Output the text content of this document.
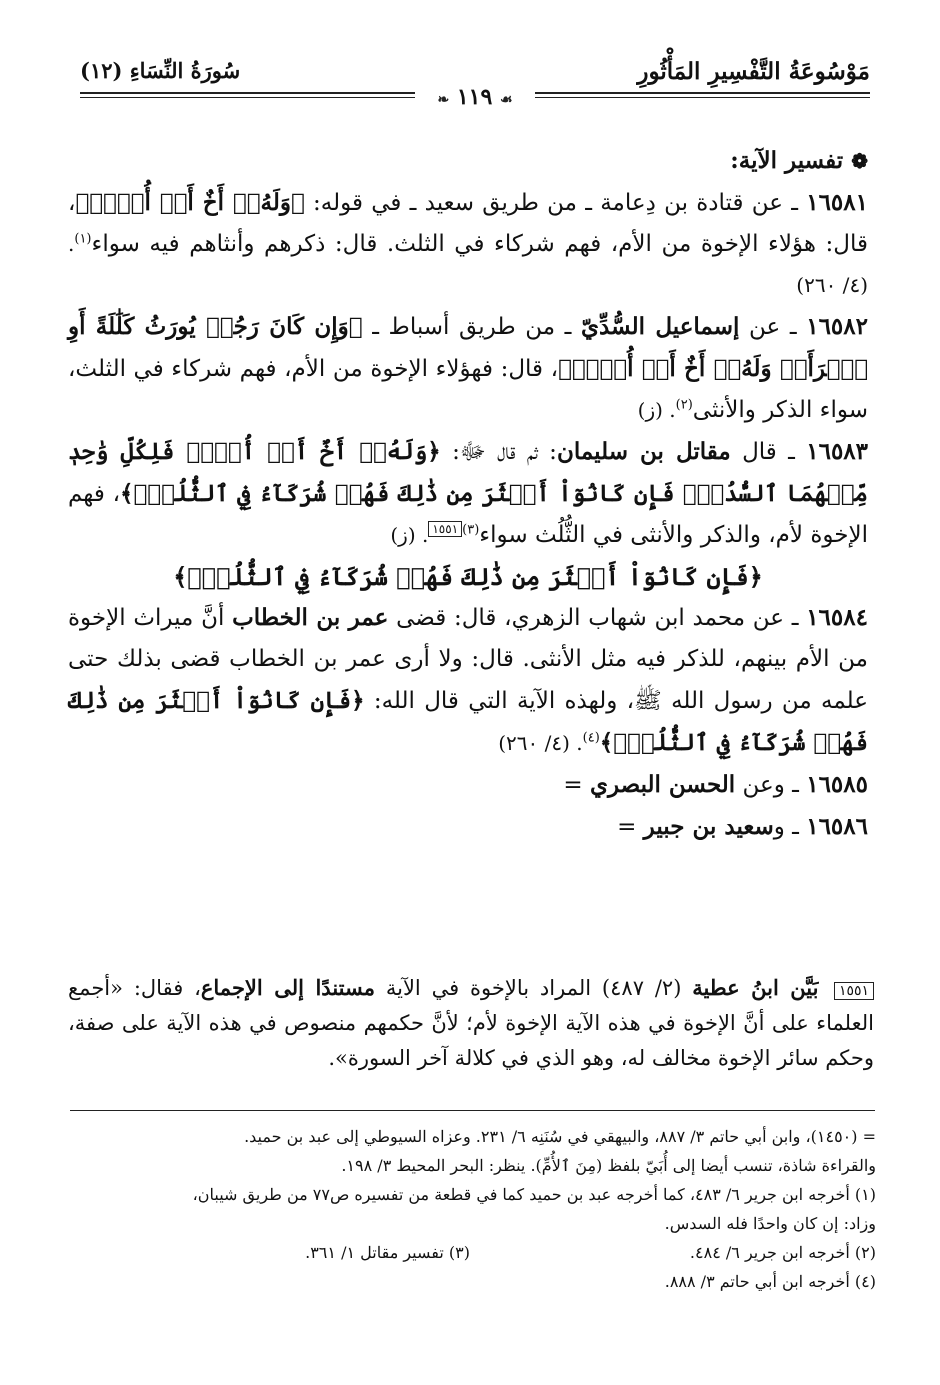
مَوْسُوعَةُ التَّفْسِيرِ المَأْثُورِ
سُورَةُ النِّسَاءِ (١٢)
❧ ١١٩ ☙

❁ تفسير الآية:

١٦٥٨١ ـ عن قتادة بن دِعامة ـ من طريق سعيد ـ في قوله: ﴿وَلَهُۥٓ أَخٌ أَوۡ أُخۡتٞ﴾، قال: هؤلاء الإخوة من الأم، فهم شركاء في الثلث. قال: ذكرهم وأنثاهم فيه سواء$^{(١)}$. (٤/ ٢٦٠)

١٦٥٨٢ ـ عن إسماعيل السُّدِّيّ ـ من طريق أسباط ـ ﴿وَإِن كَانَ رَجُلٞ يُورَثُ كَلَٰلَةً أَوِ ٱمۡرَأَةٞ وَلَهُۥٓ أَخٌ أَوۡ أُخۡتٞ﴾، قال: فهؤلاء الإخوة من الأم، فهم شركاء في الثلث، سواء الذكر والأنثى$^{(٢)}$. (ز)

١٦٥٨٣ ـ قال مقاتل بن سليمان: ثم قال ﷻ: ﴿وَلَهُۥٓ أَخٌ أَوۡ أُخۡتٞ فَلِكُلِّ وَٰحِدٖ مِّنۡهُمَا ٱلسُّدُسُۚ فَإِن كَانُوٓاْ أَكۡثَرَ مِن ذَٰلِكَ فَهُمۡ شُرَكَآءُ فِي ٱلثُّلُثِۚ﴾، فهم الإخوة لأم، والذكر والأنثى في الثُّلُث سواء$^{(٣)}$١٥٥١. (ز)

﴿فَإِن كَانُوٓاْ أَكۡثَرَ مِن ذَٰلِكَ فَهُمۡ شُرَكَآءُ فِي ٱلثُّلُثِۚ﴾

١٦٥٨٤ ـ عن محمد ابن شهاب الزهري، قال: قضى عمر بن الخطاب أنَّ ميراث الإخوة من الأم بينهم، للذكر فيه مثل الأنثى. قال: ولا أرى عمر بن الخطاب قضى بذلك حتى علمه من رسول الله ﷺ، ولهذه الآية التي قال الله: ﴿فَإِن كَانُوٓاْ أَكۡثَرَ مِن ذَٰلِكَ فَهُمۡ شُرَكَآءُ فِي ٱلثُّلُثِۚ﴾$^{(٤)}$. (٤/ ٢٦٠)

١٦٥٨٥ ـ وعن الحسن البصري =

١٦٥٨٦ ـ وسعيد بن جبير =

١٥٥١ بَيَّن ابنُ عطية (٢/ ٤٨٧) المراد بالإخوة في الآية مستندًا إلى الإجماع، فقال: «أجمع العلماء على أنَّ الإخوة في هذه الآية الإخوة لأم؛ لأنَّ حكمهم منصوص في هذه الآية على صفة، وحكم سائر الإخوة مخالف له، وهو الذي في كلالة آخر السورة».

= (١٤٥٠)، وابن أبي حاتم ٣/ ٨٨٧، والبيهقي في سُنَنِه ٦/ ٢٣١. وعزاه السيوطي إلى عبد بن حميد.

والقراءة شاذة، تنسب أيضا إلى أُبَيّ بلفظ (مِنَ ٱلأُمِّ). ينظر: البحر المحيط ٣/ ١٩٨.

(١) أخرجه ابن جرير ٦/ ٤٨٣، كما أخرجه عبد بن حميد كما في قطعة من تفسيره ص٧٧ من طريق شيبان،

وزاد: إن كان واحدًا فله السدس.

(٢) أخرجه ابن جرير ٦/ ٤٨٤.
(٣) تفسير مقاتل ١/ ٣٦١.

(٤) أخرجه ابن أبي حاتم ٣/ ٨٨٨.
